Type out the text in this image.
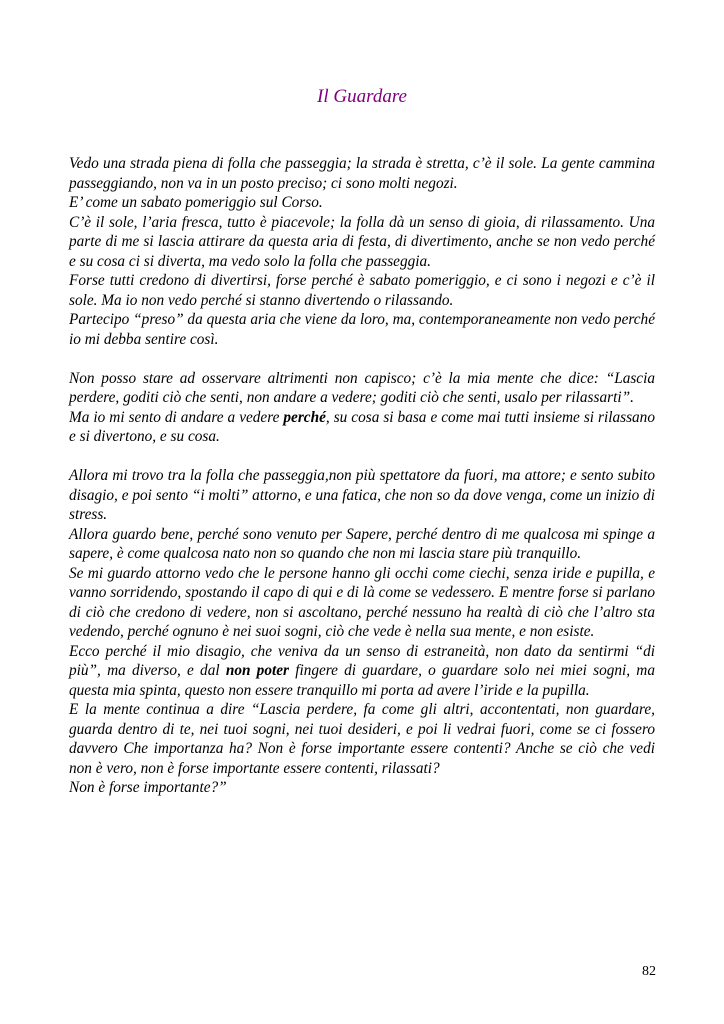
Il Guardare

Vedo una strada piena di folla che passeggia; la strada è stretta, c’è il sole. La gente cammina passeggiando, non va in un posto preciso; ci sono molti negozi.

E’ come un sabato pomeriggio sul Corso.

C’è il sole, l’aria fresca, tutto è piacevole; la folla dà un senso di gioia, di rilassamento. Una parte di me si lascia attirare da questa aria di festa, di divertimento, anche se non vedo perché e su cosa ci si diverta, ma vedo solo la folla che passeggia.

Forse tutti credono di divertirsi, forse perché è sabato pomeriggio, e ci sono i negozi e c’è il sole. Ma io non vedo perché si stanno divertendo o rilassando.

Partecipo “preso” da questa aria che viene da loro, ma, contemporaneamente non vedo perché io mi debba sentire così.

Non posso stare ad osservare altrimenti non capisco; c’è la mia mente che dice: “Lascia perdere, goditi ciò che senti, non andare a vedere; goditi ciò che senti, usalo per rilassarti”.

Ma io mi sento di andare a vedere perché, su cosa si basa e come mai tutti insieme si rilassano e si divertono, e su cosa.

Allora mi trovo tra la folla che passeggia,non più spettatore da fuori, ma attore; e sento subito disagio, e poi sento “i molti” attorno, e una fatica, che non so da dove venga, come un inizio di stress.

Allora guardo bene, perché sono venuto per Sapere, perché dentro di me qualcosa mi spinge a sapere, è come qualcosa nato non so quando che non mi lascia stare più tranquillo.

Se mi guardo attorno vedo che le persone hanno gli occhi come ciechi, senza iride e pupilla, e vanno sorridendo, spostando il capo di qui e di là come se vedessero. E mentre forse si parlano di ciò che credono di vedere, non si ascoltano, perché nessuno ha realtà di ciò che l’altro sta vedendo, perché ognuno è nei suoi sogni, ciò che vede è nella sua mente, e non esiste.

Ecco perché il mio disagio, che veniva da un senso di estraneità, non dato da sentirmi “di più”, ma diverso, e dal non poter fingere di guardare, o guardare solo nei miei sogni, ma questa mia spinta, questo non essere tranquillo mi porta ad avere l’iride e la pupilla.

E la mente continua a dire “Lascia perdere, fa come gli altri, accontentati, non guardare, guarda dentro di te, nei tuoi sogni, nei tuoi desideri, e poi li vedrai fuori, come se ci fossero davvero Che importanza ha? Non è forse importante essere contenti? Anche se ciò che vedi non è vero, non è forse importante essere contenti, rilassati?

Non è forse importante?”

82
